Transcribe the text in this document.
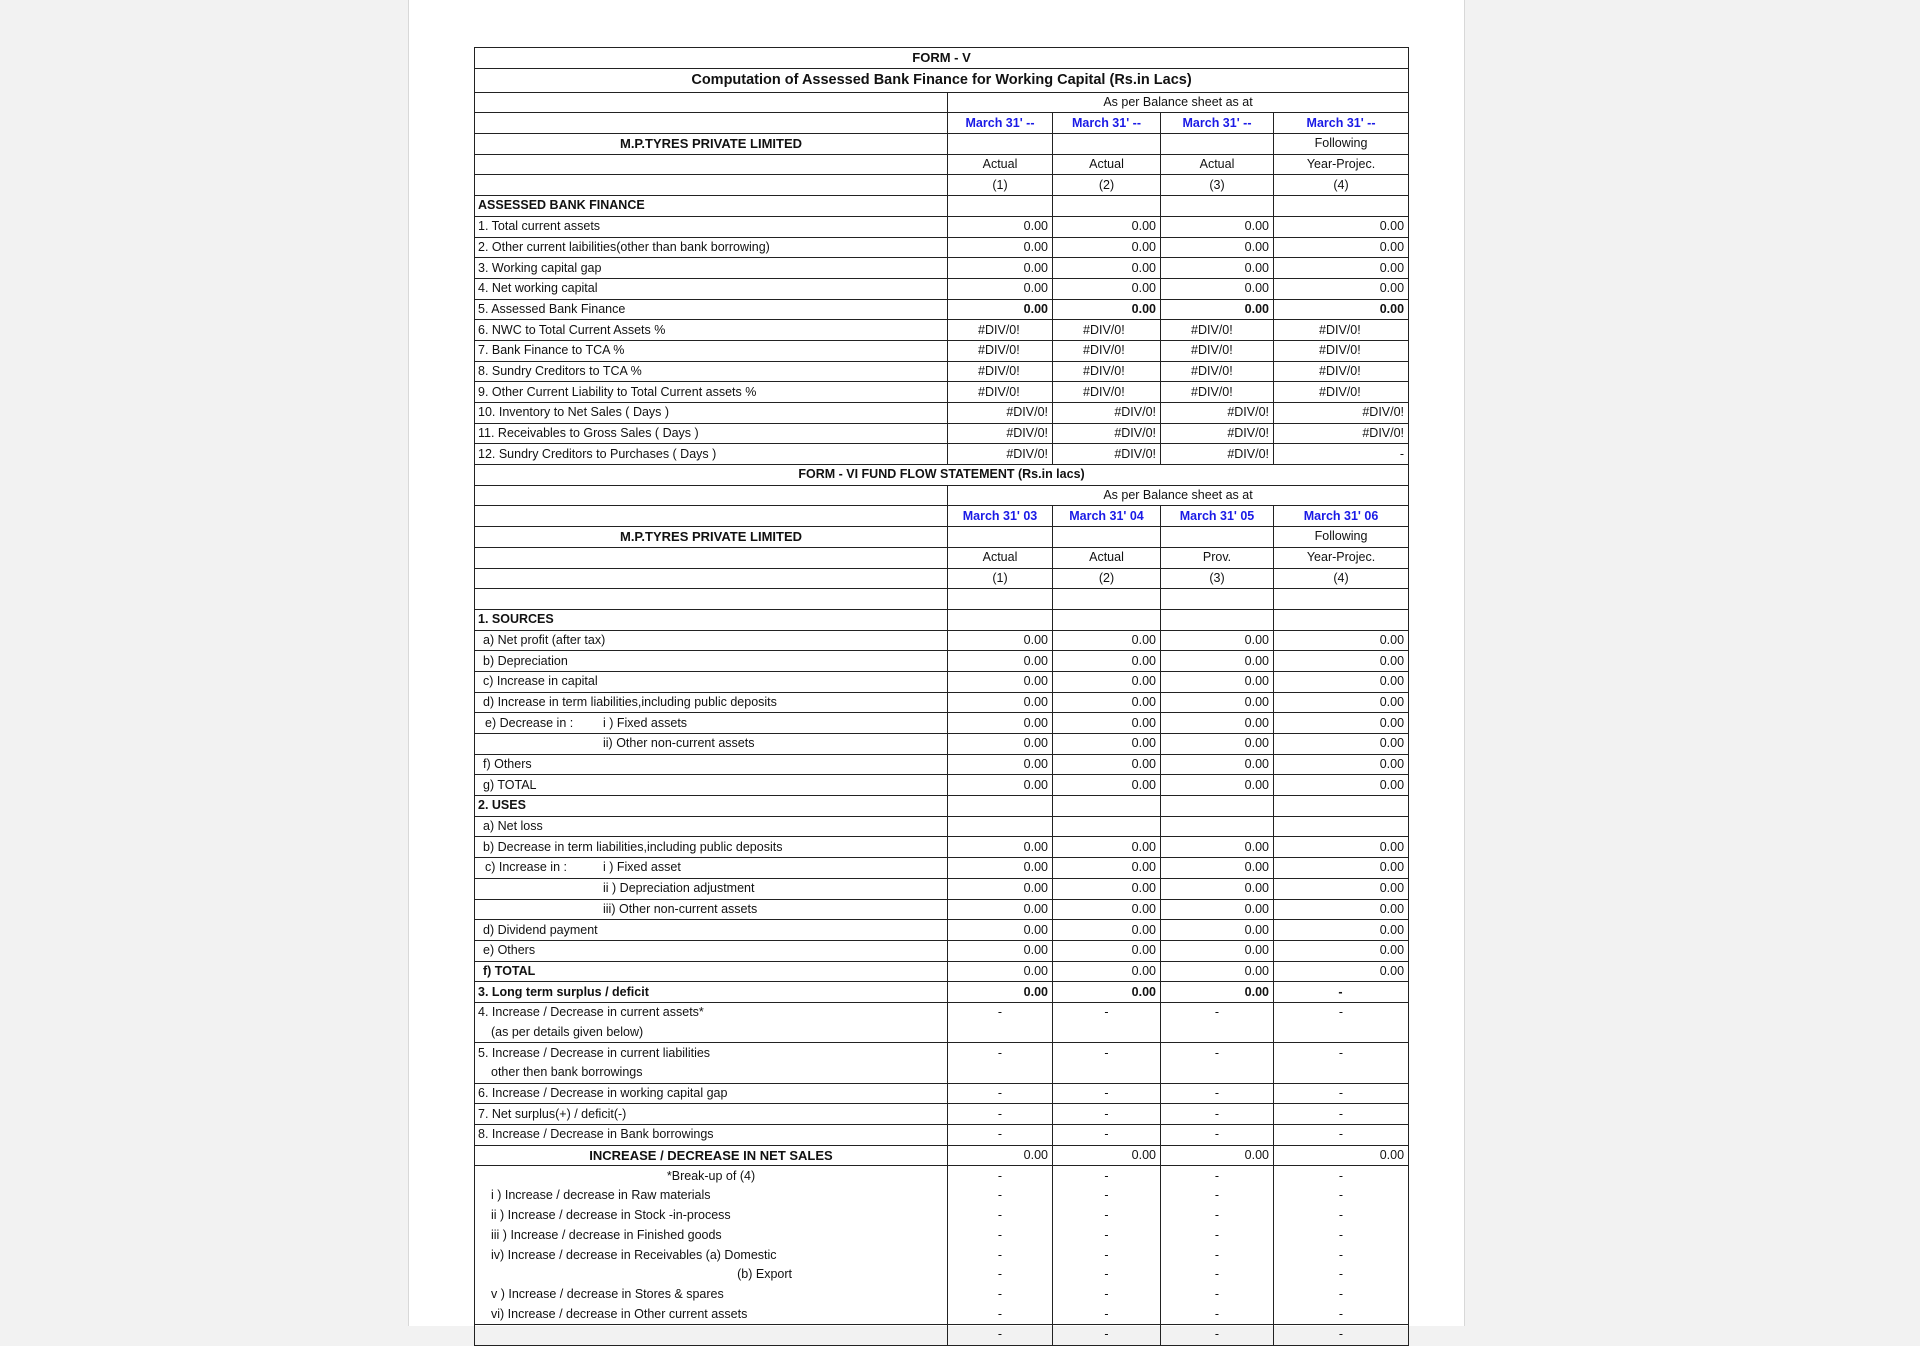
FORM - V				
Computation of Assessed Bank Finance for Working Capital (Rs.in Lacs)				
	As per Balance sheet as at			
	March 31' --	March 31' --	March 31' --	March 31' --
M.P.TYRES PRIVATE LIMITED				Following
	Actual	Actual	Actual	Year-Projec.
	(1)	(2)	(3)	(4)
ASSESSED BANK FINANCE				
1. Total current assets	0.00	0.00	0.00	0.00
2. Other current laibilities(other than bank borrowing)	0.00	0.00	0.00	0.00
3. Working capital gap	0.00	0.00	0.00	0.00
4. Net working capital	0.00	0.00	0.00	0.00
5. Assessed Bank Finance	0.00	0.00	0.00	0.00
6. NWC to Total Current Assets %	#DIV/0!	#DIV/0!	#DIV/0!	#DIV/0!
7. Bank Finance to TCA %	#DIV/0!	#DIV/0!	#DIV/0!	#DIV/0!
8. Sundry Creditors to TCA %	#DIV/0!	#DIV/0!	#DIV/0!	#DIV/0!
9. Other Current Liability to Total Current assets %	#DIV/0!	#DIV/0!	#DIV/0!	#DIV/0!
10. Inventory to Net Sales ( Days )	#DIV/0!	#DIV/0!	#DIV/0!	#DIV/0!
11. Receivables to Gross Sales ( Days )	#DIV/0!	#DIV/0!	#DIV/0!	#DIV/0!
12. Sundry Creditors to Purchases ( Days )	#DIV/0!	#DIV/0!	#DIV/0!	-
FORM - VI FUND FLOW STATEMENT (Rs.in lacs)				
	As per Balance sheet as at			
	March 31' 03	March 31' 04	March 31' 05	March 31' 06
M.P.TYRES PRIVATE LIMITED				Following
	Actual	Actual	Prov.	Year-Projec.
	(1)	(2)	(3)	(4)

1. SOURCES				
a) Net profit (after tax)	0.00	0.00	0.00	0.00
b) Depreciation	0.00	0.00	0.00	0.00
c) Increase in capital	0.00	0.00	0.00	0.00
d) Increase in term liabilities,including public deposits	0.00	0.00	0.00	0.00
e) Decrease in : i ) Fixed assets	0.00	0.00	0.00	0.00
ii) Other non-current assets	0.00	0.00	0.00	0.00
f) Others	0.00	0.00	0.00	0.00
g) TOTAL	0.00	0.00	0.00	0.00
2. USES				
a) Net loss				
b) Decrease in term liabilities,including public deposits	0.00	0.00	0.00	0.00
c) Increase in : i ) Fixed asset	0.00	0.00	0.00	0.00
ii ) Depreciation adjustment	0.00	0.00	0.00	0.00
iii) Other non-current assets	0.00	0.00	0.00	0.00
d) Dividend payment	0.00	0.00	0.00	0.00
e) Others	0.00	0.00	0.00	0.00
f) TOTAL	0.00	0.00	0.00	0.00
3. Long term surplus / deficit	0.00	0.00	0.00	-
4. Increase / Decrease in current assets*	-	-	-	-
(as per details given below)				
5. Increase / Decrease in current liabilities	-	-	-	-
other then bank borrowings				
6. Increase / Decrease in working capital gap	-	-	-	-
7. Net surplus(+) / deficit(-)	-	-	-	-
8. Increase / Decrease in Bank borrowings	-	-	-	-
INCREASE / DECREASE IN NET SALES	0.00	0.00	0.00	0.00
*Break-up of (4)	-	-	-	-
i ) Increase / decrease in Raw materials	-	-	-	-
ii ) Increase / decrease in Stock -in-process	-	-	-	-
iii ) Increase / decrease in Finished goods	-	-	-	-
iv) Increase / decrease in Receivables (a) Domestic	-	-	-	-
(b) Export	-	-	-	-
v ) Increase / decrease in Stores & spares	-	-	-	-
vi) Increase / decrease in Other current assets	-	-	-	-
	-	-	-	-
